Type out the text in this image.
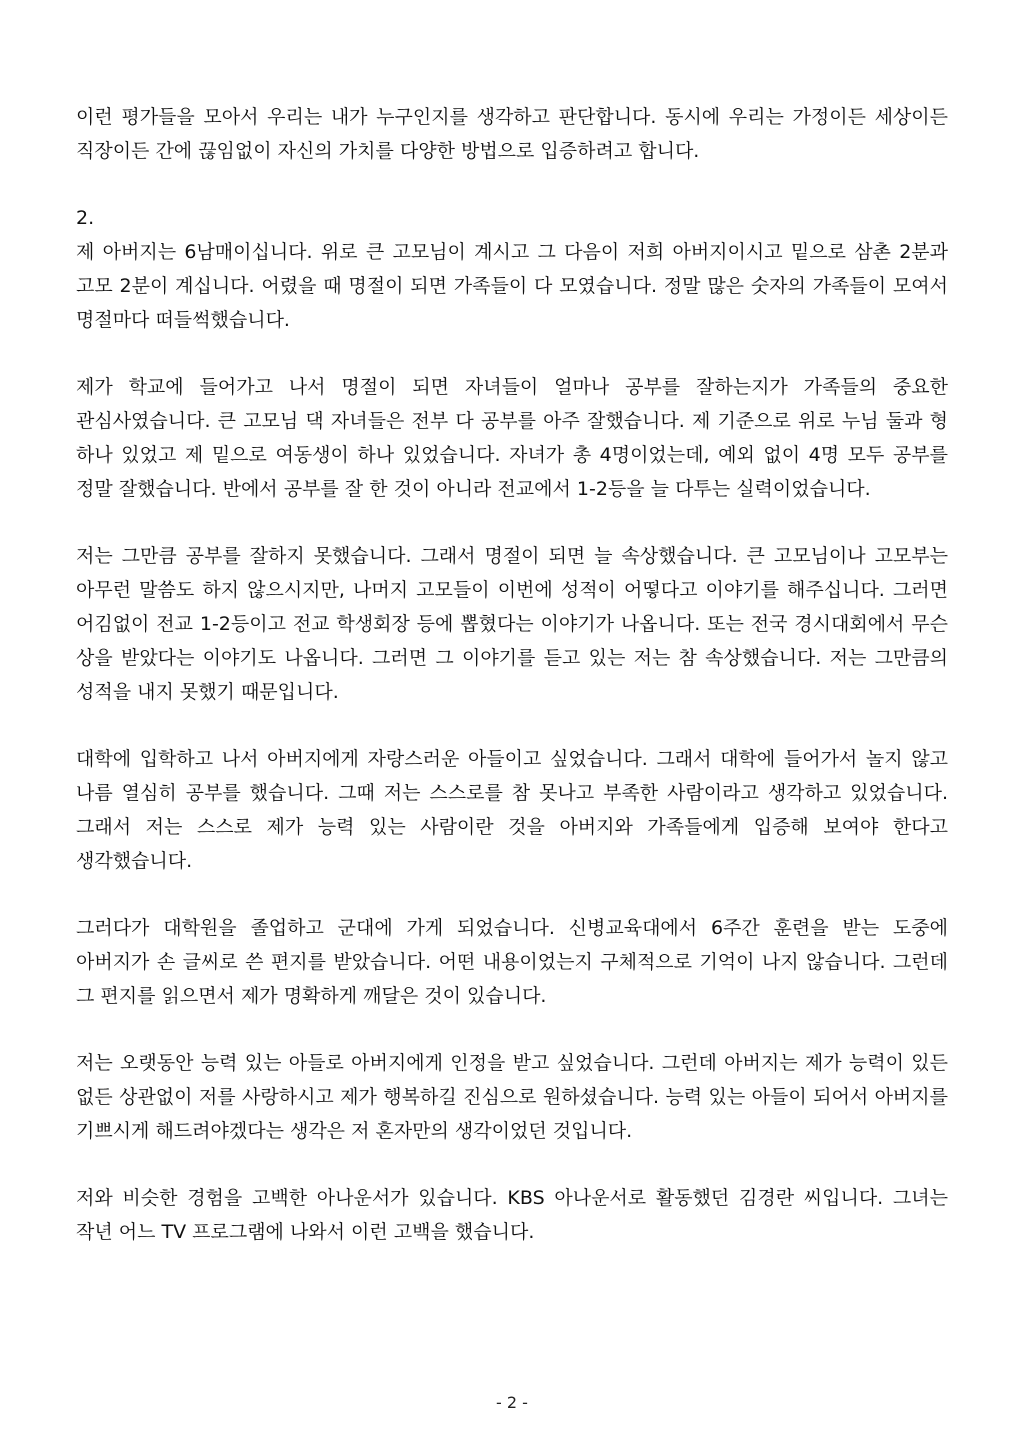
이런 평가들을 모아서 우리는 내가 누구인지를 생각하고 판단합니다. 동시에 우리는 가정이든 세상이든 직장이든 간에 끊임없이 자신의 가치를 다양한 방법으로 입증하려고 합니다.

2.

제 아버지는 6남매이십니다. 위로 큰 고모님이 계시고 그 다음이 저희 아버지이시고 밑으로 삼촌 2분과 고모 2분이 계십니다. 어렸을 때 명절이 되면 가족들이 다 모였습니다. 정말 많은 숫자의 가족들이 모여서 명절마다 떠들썩했습니다.

제가 학교에 들어가고 나서 명절이 되면 자녀들이 얼마나 공부를 잘하는지가 가족들의 중요한 관심사였습니다. 큰 고모님 댁 자녀들은 전부 다 공부를 아주 잘했습니다. 제 기준으로 위로 누님 둘과 형 하나 있었고 제 밑으로 여동생이 하나 있었습니다. 자녀가 총 4명이었는데, 예외 없이 4명 모두 공부를 정말 잘했습니다. 반에서 공부를 잘 한 것이 아니라 전교에서 1-2등을 늘 다투는 실력이었습니다.

저는 그만큼 공부를 잘하지 못했습니다. 그래서 명절이 되면 늘 속상했습니다. 큰 고모님이나 고모부는 아무런 말씀도 하지 않으시지만, 나머지 고모들이 이번에 성적이 어떻다고 이야기를 해주십니다. 그러면 어김없이 전교 1-2등이고 전교 학생회장 등에 뽑혔다는 이야기가 나옵니다. 또는 전국 경시대회에서 무슨 상을 받았다는 이야기도 나옵니다. 그러면 그 이야기를 듣고 있는 저는 참 속상했습니다. 저는 그만큼의 성적을 내지 못했기 때문입니다.

대학에 입학하고 나서 아버지에게 자랑스러운 아들이고 싶었습니다. 그래서 대학에 들어가서 놀지 않고 나름 열심히 공부를 했습니다. 그때 저는 스스로를 참 못나고 부족한 사람이라고 생각하고 있었습니다. 그래서 저는 스스로 제가 능력 있는 사람이란 것을 아버지와 가족들에게 입증해 보여야 한다고 생각했습니다.

그러다가 대학원을 졸업하고 군대에 가게 되었습니다. 신병교육대에서 6주간 훈련을 받는 도중에 아버지가 손 글씨로 쓴 편지를 받았습니다. 어떤 내용이었는지 구체적으로 기억이 나지 않습니다. 그런데 그 편지를 읽으면서 제가 명확하게 깨달은 것이 있습니다.

저는 오랫동안 능력 있는 아들로 아버지에게 인정을 받고 싶었습니다. 그런데 아버지는 제가 능력이 있든 없든 상관없이 저를 사랑하시고 제가 행복하길 진심으로 원하셨습니다. 능력 있는 아들이 되어서 아버지를 기쁘시게 해드려야겠다는 생각은 저 혼자만의 생각이었던 것입니다.

저와 비슷한 경험을 고백한 아나운서가 있습니다. KBS 아나운서로 활동했던 김경란 씨입니다. 그녀는 작년 어느 TV 프로그램에 나와서 이런 고백을 했습니다.

- 2 -
